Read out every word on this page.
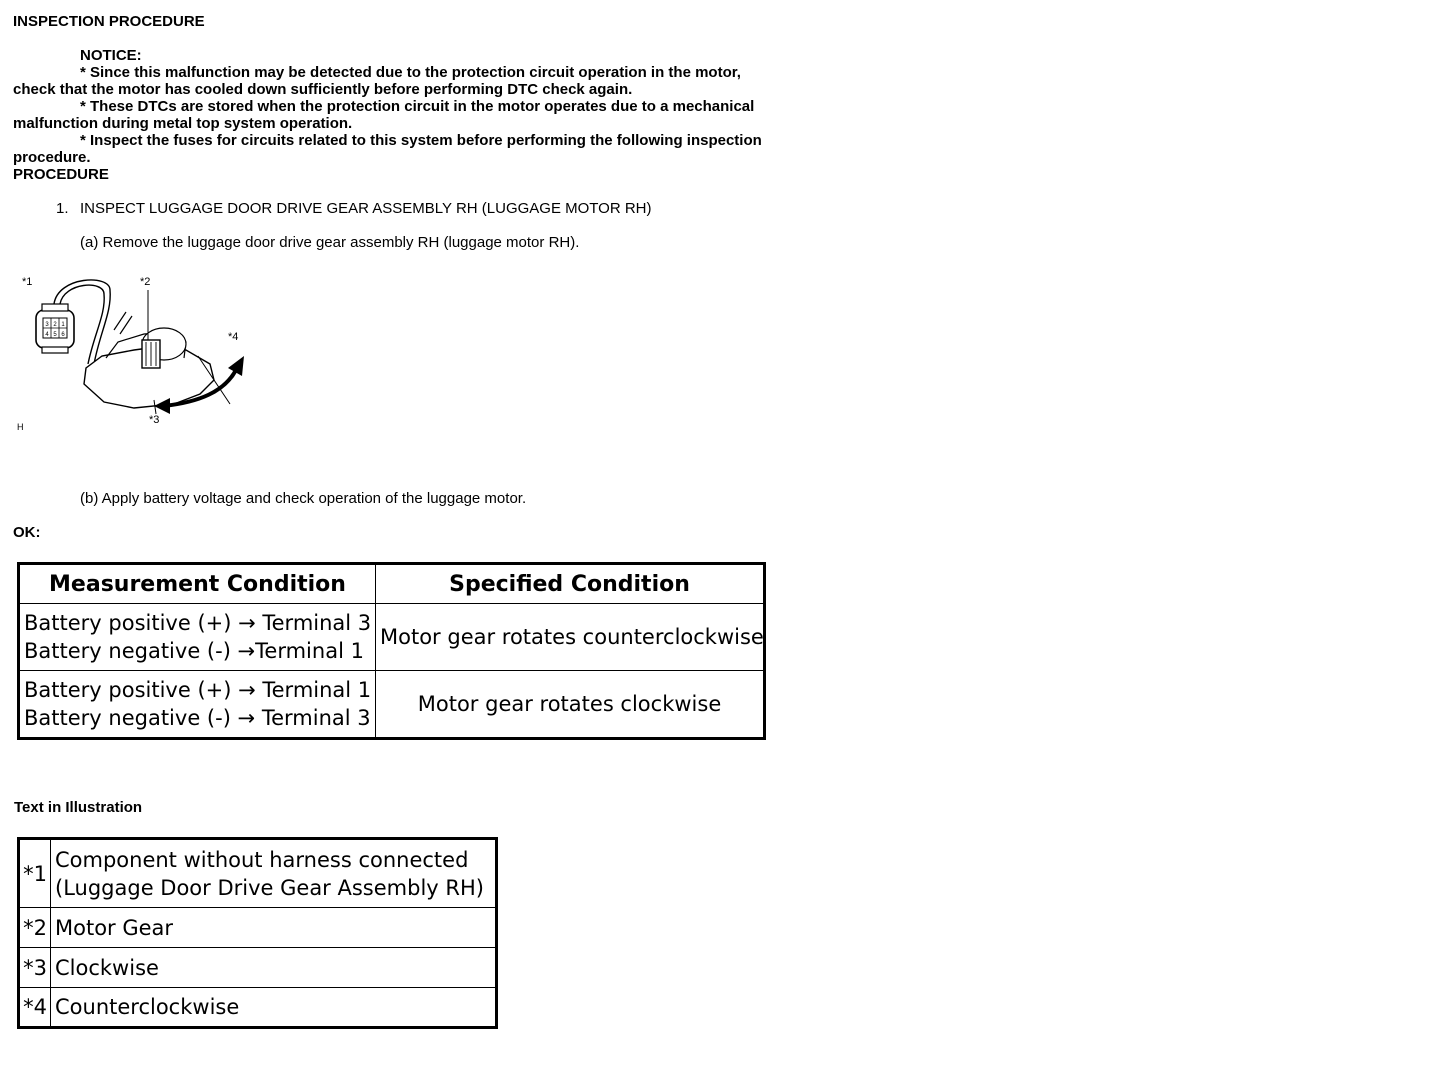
INSPECTION PROCEDURE
NOTICE:
* Since this malfunction may be detected due to the protection circuit operation in the motor,
check that the motor has cooled down sufficiently before performing DTC check again.
* These DTCs are stored when the protection circuit in the motor operates due to a mechanical
malfunction during metal top system operation.
* Inspect the fuses for circuits related to this system before performing the following inspection
procedure.
PROCEDURE
1. INSPECT LUGGAGE DOOR DRIVE GEAR ASSEMBLY RH (LUGGAGE MOTOR RH)
(a) Remove the luggage door drive gear assembly RH (luggage motor RH).
3 2 1
4 5 6
*1	*2
*4
*3
H
(b) Apply battery voltage and check operation of the luggage motor.
OK:
Measurement Condition	Specified Condition

Battery positive (+) → Terminal 3
Battery negative (-) →Terminal 1	Motor gear rotates counterclockwise

Battery positive (+) → Terminal 1
Battery negative (-) → Terminal 3	Motor gear rotates clockwise
Text in Illustration
*1	Component without harness connected
(Luggage Door Drive Gear Assembly RH)

*2	Motor Gear
*3	Clockwise
*4	Counterclockwise
